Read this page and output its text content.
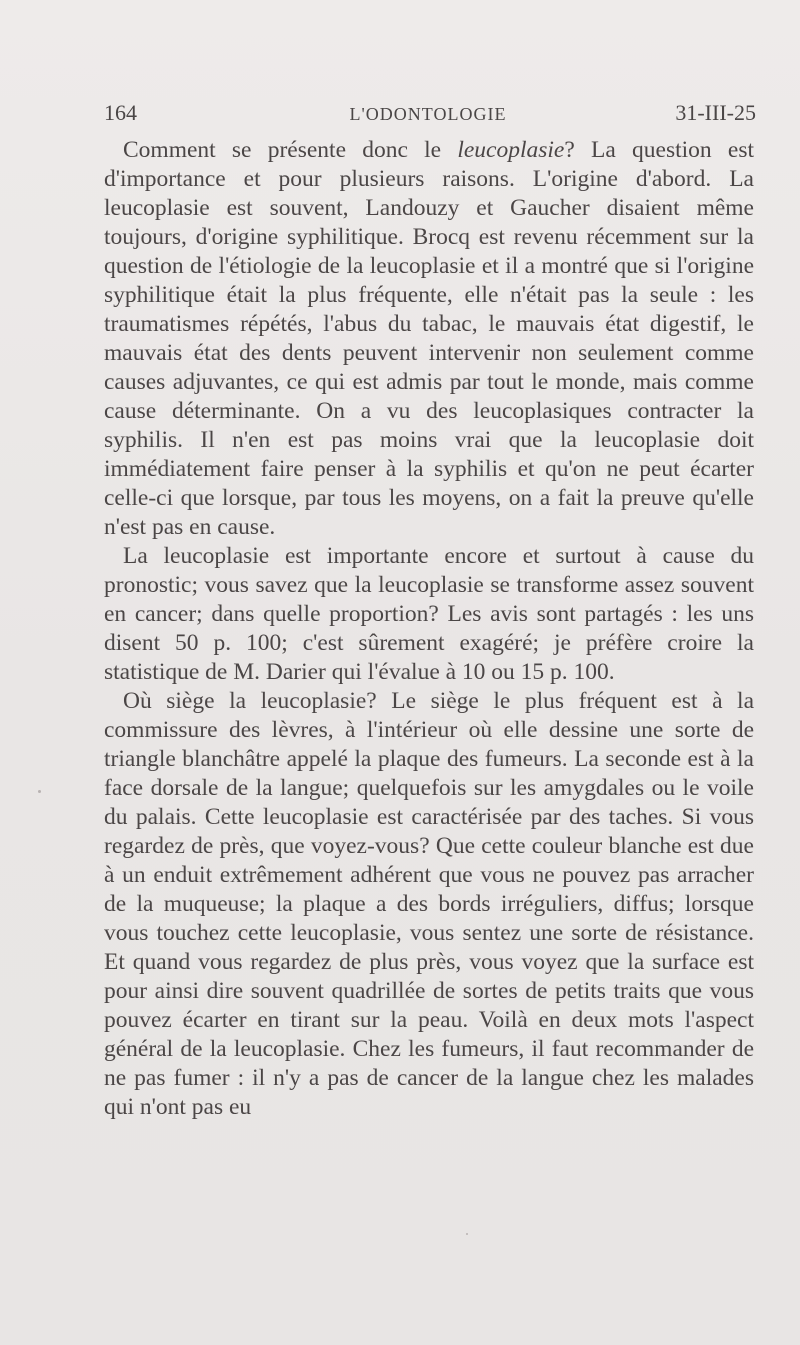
164	L'ODONTOLOGIE	31-III-25

Comment se présente donc le leucoplasie? La question est d'importance et pour plusieurs raisons. L'origine d'abord. La leucoplasie est souvent, Landouzy et Gaucher disaient même toujours, d'origine syphilitique. Brocq est revenu récemment sur la question de l'étiologie de la leucoplasie et il a montré que si l'origine syphilitique était la plus fréquente, elle n'était pas la seule : les traumatismes répétés, l'abus du tabac, le mauvais état digestif, le mauvais état des dents peuvent intervenir non seulement comme causes adjuvantes, ce qui est admis par tout le monde, mais comme cause déterminante. On a vu des leucoplasiques contracter la syphilis. Il n'en est pas moins vrai que la leucoplasie doit immédiatement faire penser à la syphilis et qu'on ne peut écarter celle-ci que lorsque, par tous les moyens, on a fait la preuve qu'elle n'est pas en cause.

La leucoplasie est importante encore et surtout à cause du pronostic; vous savez que la leucoplasie se transforme assez souvent en cancer; dans quelle proportion? Les avis sont partagés : les uns disent 50 p. 100; c'est sûrement exagéré; je préfère croire la statistique de M. Darier qui l'évalue à 10 ou 15 p. 100.

Où siège la leucoplasie? Le siège le plus fréquent est à la commissure des lèvres, à l'intérieur où elle dessine une sorte de triangle blanchâtre appelé la plaque des fumeurs. La seconde est à la face dorsale de la langue; quelquefois sur les amygdales ou le voile du palais. Cette leucoplasie est caractérisée par des taches. Si vous regardez de près, que voyez-vous? Que cette couleur blanche est due à un enduit extrêmement adhérent que vous ne pouvez pas arracher de la muqueuse; la plaque a des bords irréguliers, diffus; lorsque vous touchez cette leucoplasie, vous sentez une sorte de résistance. Et quand vous regardez de plus près, vous voyez que la surface est pour ainsi dire souvent quadrillée de sortes de petits traits que vous pouvez écarter en tirant sur la peau. Voilà en deux mots l'aspect général de la leucoplasie. Chez les fumeurs, il faut recommander de ne pas fumer : il n'y a pas de cancer de la langue chez les malades qui n'ont pas eu
